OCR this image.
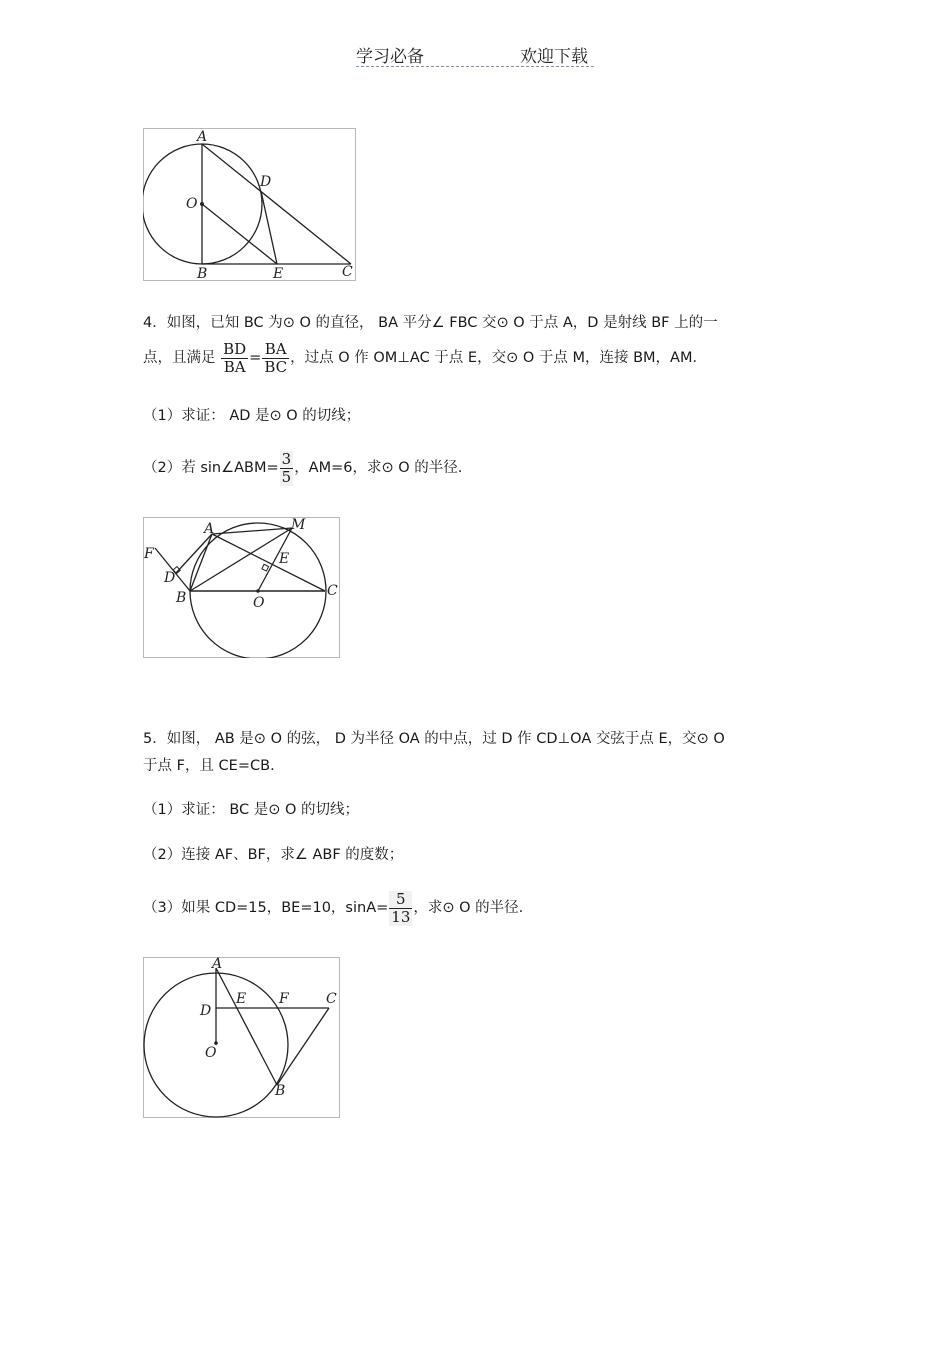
学习必备	欢迎下载
A
D
O
B	E	C
4．如图，已知 BC 为⊙ O 的直径， BA 平分∠ FBC 交⊙ O 于点 A，D 是射线 BF 上的一
点，且满足 $\frac{BD}{BA} = \frac{BA}{BC}$ ，过点 O 作 OM⊥AC 于点 E，交⊙ O 于点 M，连接 BM，AM．
（1）求证： AD 是⊙ O 的切线；
（2）若 sin∠ABM= $\frac{3}{5}$ ，AM=6，求⊙ O 的半径.
A	M
F
D
E
B	O
C
5．如图， AB 是⊙ O 的弦， D 为半径 OA 的中点，过 D 作 CD⊥OA 交弦于点 E，交⊙ O
于点 F，且 CE=CB.
（1）求证： BC 是⊙ O 的切线；
（2）连接 AF、BF，求∠ ABF 的度数；
（3）如果 CD=15，BE=10，$\sin A= \frac{5}{13}$ ，求⊙ O 的半径.
A
E F	C
D
O
B
